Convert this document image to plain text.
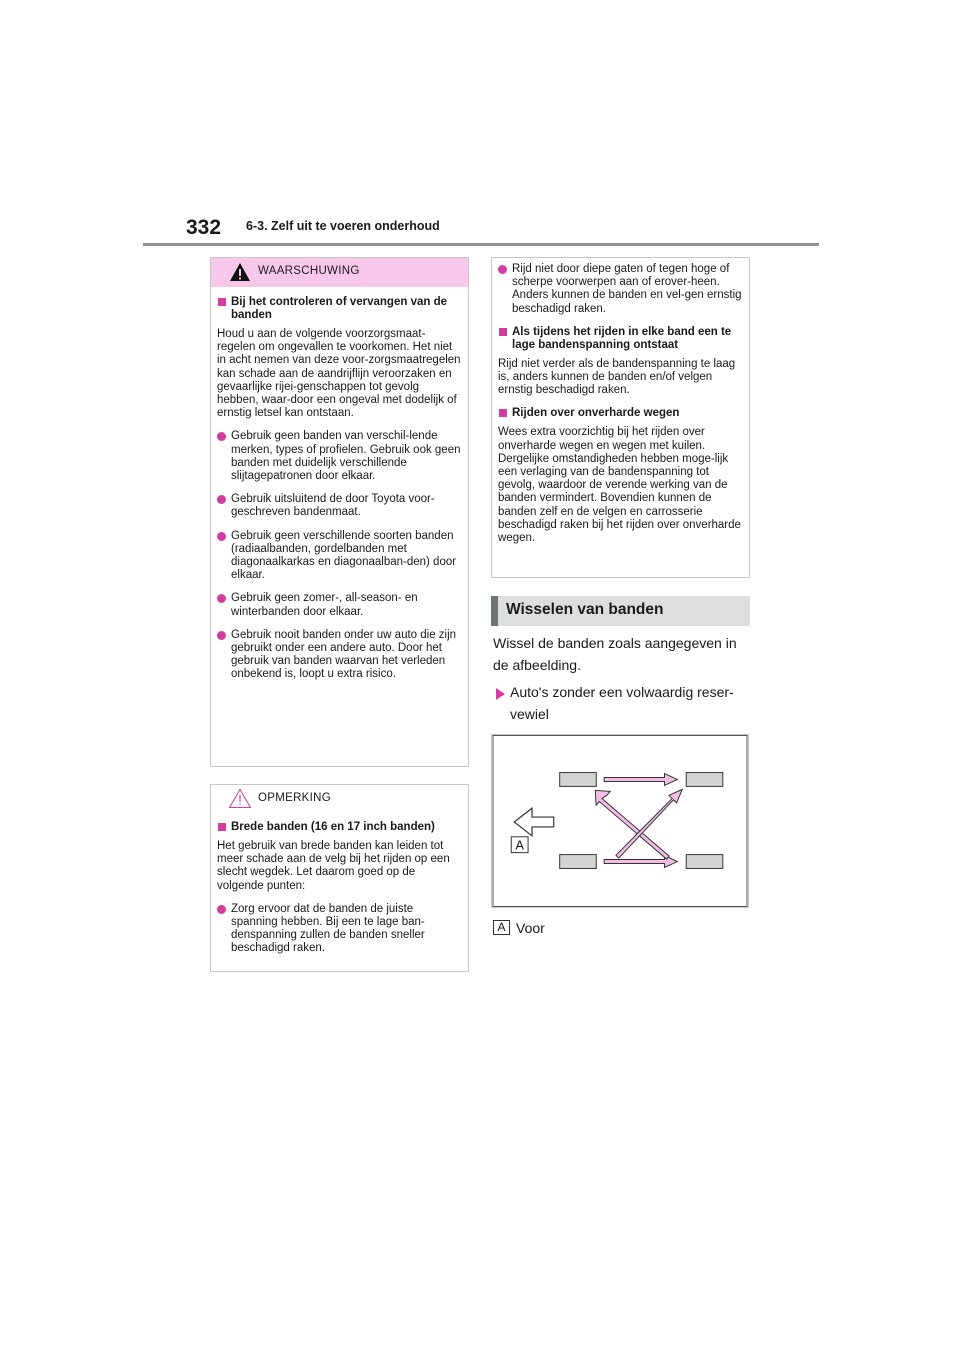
332 6-3. Zelf uit te voeren onderhoud
WAARSCHUWING
Bij het controleren of vervangen van de banden
Houd u aan de volgende voorzorgsmaat-regelen om ongevallen te voorkomen. Het niet in acht nemen van deze voor-zorgsmaatregelen kan schade aan de aandrijflijn veroorzaken en gevaarlijke rijei-genschappen tot gevolg hebben, waar-door een ongeval met dodelijk of ernstig letsel kan ontstaan.
Gebruik geen banden van verschil-lende merken, types of profielen. Gebruik ook geen banden met duidelijk verschillende slijtagepatronen door elkaar.
Gebruik uitsluitend de door Toyota voor-geschreven bandenmaat.
Gebruik geen verschillende soorten banden (radiaalbanden, gordelbanden met diagonaalkarkas en diagonaalban-den) door elkaar.
Gebruik geen zomer-, all-season- en winterbanden door elkaar.
Gebruik nooit banden onder uw auto die zijn gebruikt onder een andere auto. Door het gebruik van banden waarvan het verleden onbekend is, loopt u extra risico.
OPMERKING
Brede banden (16 en 17 inch banden)
Het gebruik van brede banden kan leiden tot meer schade aan de velg bij het rijden op een slecht wegdek. Let daarom goed op de volgende punten:
Zorg ervoor dat de banden de juiste spanning hebben. Bij een te lage ban-denspanning zullen de banden sneller beschadigd raken.
Rijd niet door diepe gaten of tegen hoge of scherpe voorwerpen aan of erover-heen. Anders kunnen de banden en vel-gen ernstig beschadigd raken.
Als tijdens het rijden in elke band een te lage bandenspanning ontstaat
Rijd niet verder als de bandenspanning te laag is, anders kunnen de banden en/of velgen ernstig beschadigd raken.
Rijden over onverharde wegen
Wees extra voorzichtig bij het rijden over onverharde wegen en wegen met kuilen. Dergelijke omstandigheden hebben moge-lijk een verlaging van de bandenspanning tot gevolg, waardoor de verende werking van de banden vermindert. Bovendien kunnen de banden zelf en de velgen en carrosserie beschadigd raken bij het rijden over onverharde wegen.
Wisselen van banden
Wissel de banden zoals aangegeven in de afbeelding.
Auto's zonder een volwaardig reser-vewiel
A
A Voor
